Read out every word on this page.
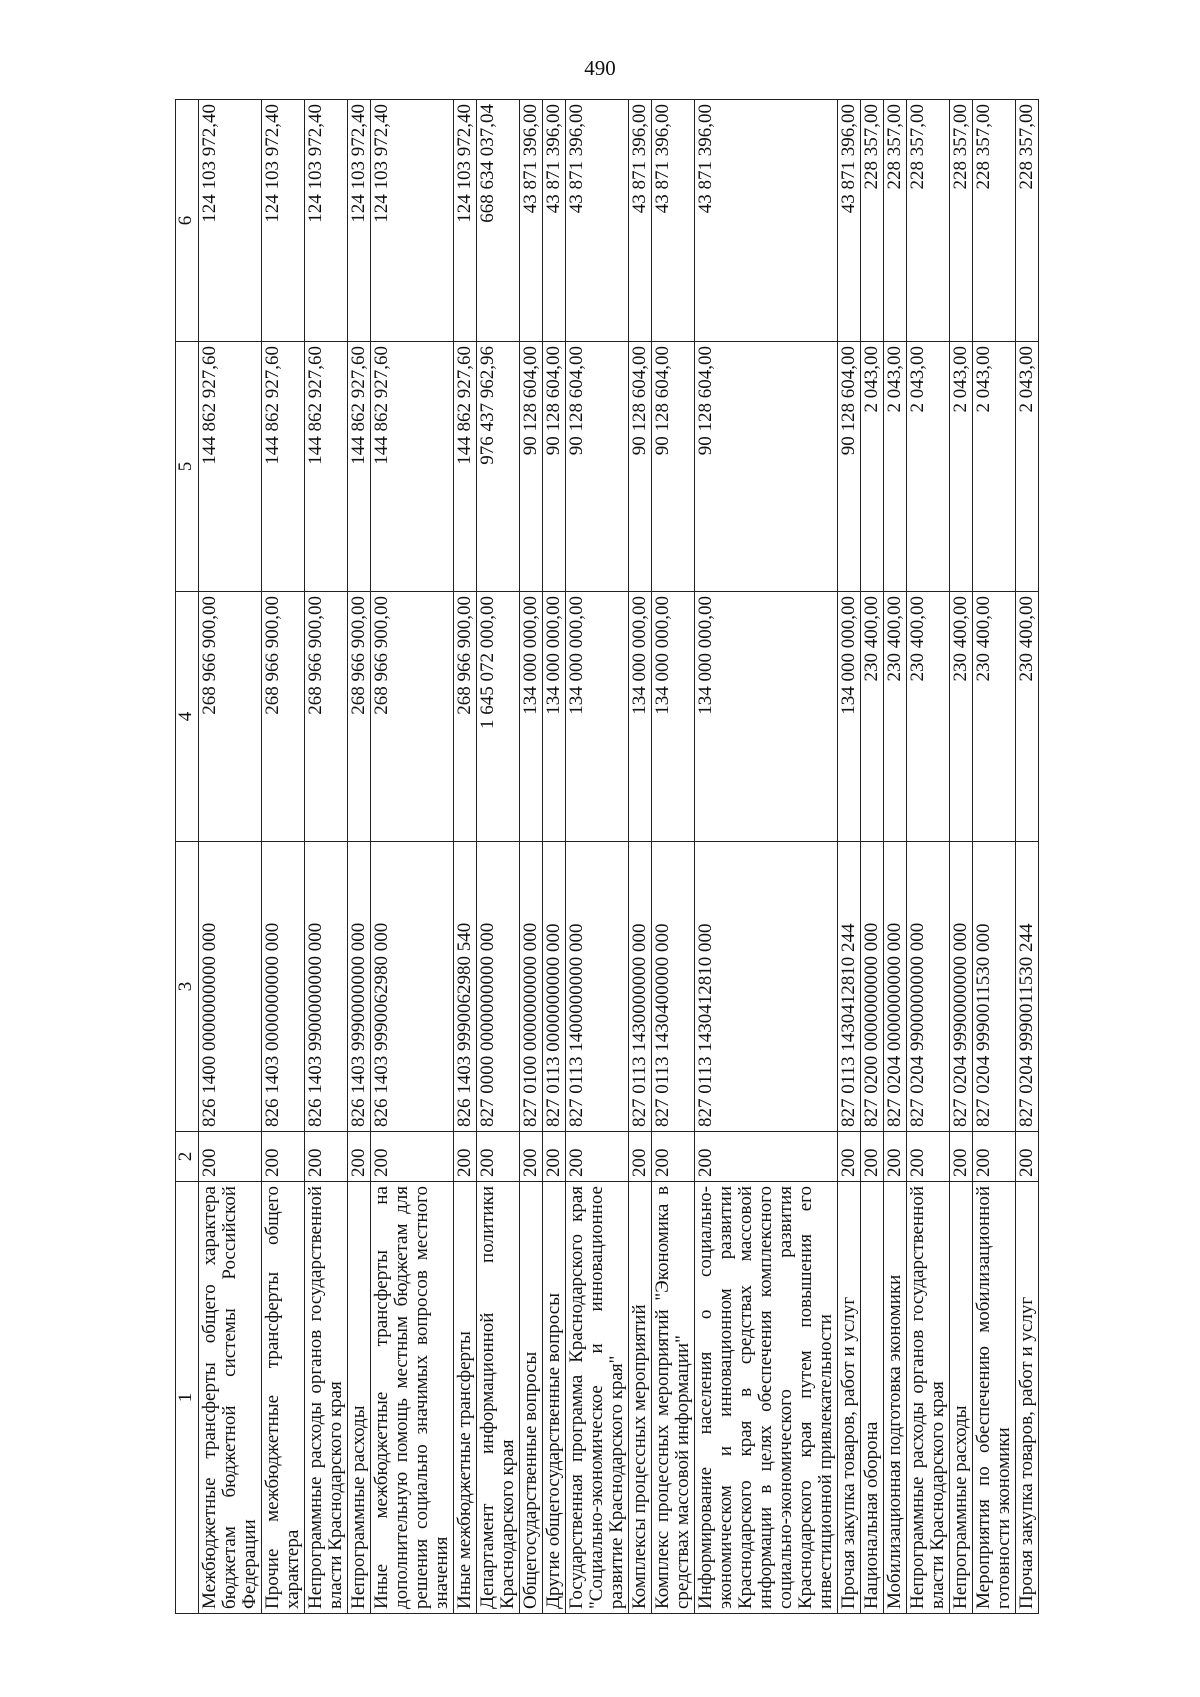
490
1	2	3	4	5	6
Межбюджетные трансферты общего характера бюджетам бюджетной системы Российской Федерации	200	826 1400 0000000000 000	268 966 900,00	144 862 927,60	124 103 972,40
Прочие межбюджетные трансферты общего характера	200	826 1403 0000000000 000	268 966 900,00	144 862 927,60	124 103 972,40
Непрограммные расходы органов государственной власти Краснодарского края	200	826 1403 9900000000 000	268 966 900,00	144 862 927,60	124 103 972,40
Непрограммные расходы	200	826 1403 9990000000 000	268 966 900,00	144 862 927,60	124 103 972,40
Иные межбюджетные трансферты на дополнительную помощь местным бюджетам для решения социально значимых вопросов местного значения	200	826 1403 9990062980 000	268 966 900,00	144 862 927,60	124 103 972,40
Иные межбюджетные трансферты	200	826 1403 9990062980 540	268 966 900,00	144 862 927,60	124 103 972,40
Департамент информационной политики Краснодарского края	200	827 0000 0000000000 000	1 645 072 000,00	976 437 962,96	668 634 037,04
Общегосударственные вопросы	200	827 0100 0000000000 000	134 000 000,00	90 128 604,00	43 871 396,00
Другие общегосударственные вопросы	200	827 0113 0000000000 000	134 000 000,00	90 128 604,00	43 871 396,00
Государственная программа Краснодарского края "Социально-экономическое и инновационное развитие Краснодарского края"	200	827 0113 1400000000 000	134 000 000,00	90 128 604,00	43 871 396,00
Комплексы процессных мероприятий	200	827 0113 1430000000 000	134 000 000,00	90 128 604,00	43 871 396,00
Комплекс процессных мероприятий "Экономика в средствах массовой информации"	200	827 0113 1430400000 000	134 000 000,00	90 128 604,00	43 871 396,00
Информирование населения о социально-экономическом и инновационном развитии Краснодарского края в средствах массовой информации в целях обеспечения комплексного социально-экономического развития Краснодарского края путем повышения его инвестиционной привлекательности	200	827 0113 1430412810 000	134 000 000,00	90 128 604,00	43 871 396,00
Прочая закупка товаров, работ и услуг	200	827 0113 1430412810 244	134 000 000,00	90 128 604,00	43 871 396,00
Национальная оборона	200	827 0200 0000000000 000	230 400,00	2 043,00	228 357,00
Мобилизационная подготовка экономики	200	827 0204 0000000000 000	230 400,00	2 043,00	228 357,00
Непрограммные расходы органов государственной власти Краснодарского края	200	827 0204 9900000000 000	230 400,00	2 043,00	228 357,00
Непрограммные расходы	200	827 0204 9990000000 000	230 400,00	2 043,00	228 357,00
Мероприятия по обеспечению мобилизационной готовности экономики	200	827 0204 9990011530 000	230 400,00	2 043,00	228 357,00
Прочая закупка товаров, работ и услуг	200	827 0204 9990011530 244	230 400,00	2 043,00	228 357,00
